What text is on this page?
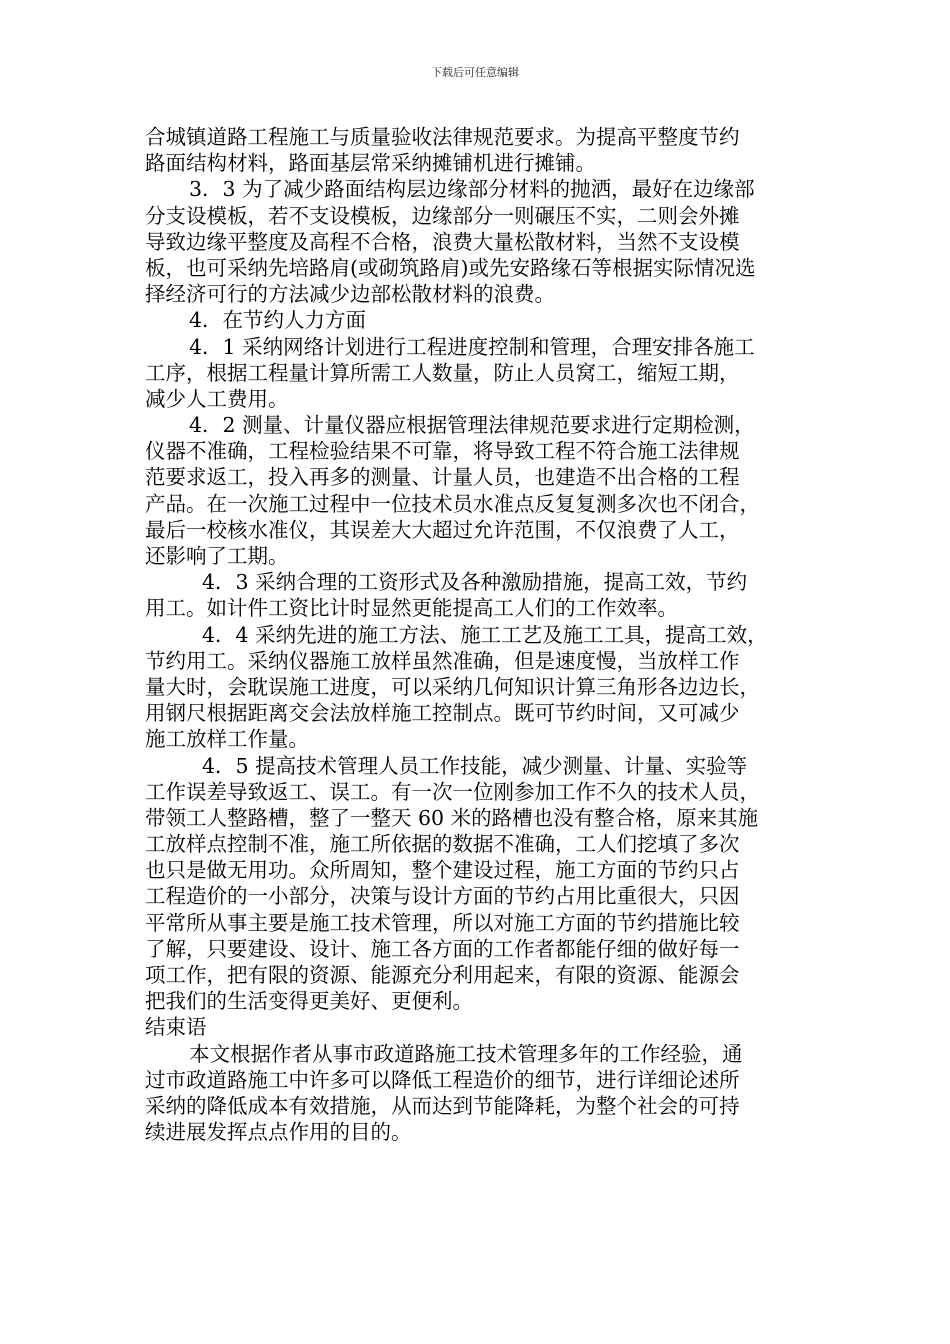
下载后可任意编辑
合城镇道路工程施工与质量验收法律规范要求。为提高平整度节约
路面结构材料，路面基层常采纳摊铺机进行摊铺。
3．3 为了减少路面结构层边缘部分材料的抛洒，最好在边缘部
分支设模板，若不支设模板，边缘部分一则碾压不实，二则会外摊
导致边缘平整度及高程不合格，浪费大量松散材料，当然不支设模
板，也可采纳先培路肩(或砌筑路肩)或先安路缘石等根据实际情况选
择经济可行的方法减少边部松散材料的浪费。
4．在节约人力方面
4．1 采纳网络计划进行工程进度控制和管理，合理安排各施工
工序，根据工程量计算所需工人数量，防止人员窝工，缩短工期，
减少人工费用。
4．2 测量、计量仪器应根据管理法律规范要求进行定期检测，
仪器不准确，工程检验结果不可靠，将导致工程不符合施工法律规
范要求返工，投入再多的测量、计量人员，也建造不出合格的工程
产品。在一次施工过程中一位技术员水准点反复复测多次也不闭合，
最后一校核水准仪，其误差大大超过允许范围，不仅浪费了人工，
还影响了工期。
4．3 采纳合理的工资形式及各种激励措施，提高工效，节约
用工。如计件工资比计时显然更能提高工人们的工作效率。
4．4 采纳先进的施工方法、施工工艺及施工工具，提高工效，
节约用工。采纳仪器施工放样虽然准确，但是速度慢，当放样工作
量大时，会耽误施工进度，可以采纳几何知识计算三角形各边边长，
用钢尺根据距离交会法放样施工控制点。既可节约时间，又可减少
施工放样工作量。
4．5 提高技术管理人员工作技能，减少测量、计量、实验等
工作误差导致返工、误工。有一次一位刚参加工作不久的技术人员，
带领工人整路槽，整了一整天 60 米的路槽也没有整合格，原来其施
工放样点控制不准，施工所依据的数据不准确，工人们挖填了多次
也只是做无用功。众所周知，整个建设过程，施工方面的节约只占
工程造价的一小部分，决策与设计方面的节约占用比重很大，只因
平常所从事主要是施工技术管理，所以对施工方面的节约措施比较
了解，只要建设、设计、施工各方面的工作者都能仔细的做好每一
项工作，把有限的资源、能源充分利用起来，有限的资源、能源会
把我们的生活变得更美好、更便利。
结束语
本文根据作者从事市政道路施工技术管理多年的工作经验，通
过市政道路施工中许多可以降低工程造价的细节，进行详细论述所
采纳的降低成本有效措施，从而达到节能降耗，为整个社会的可持
续进展发挥点点作用的目的。
